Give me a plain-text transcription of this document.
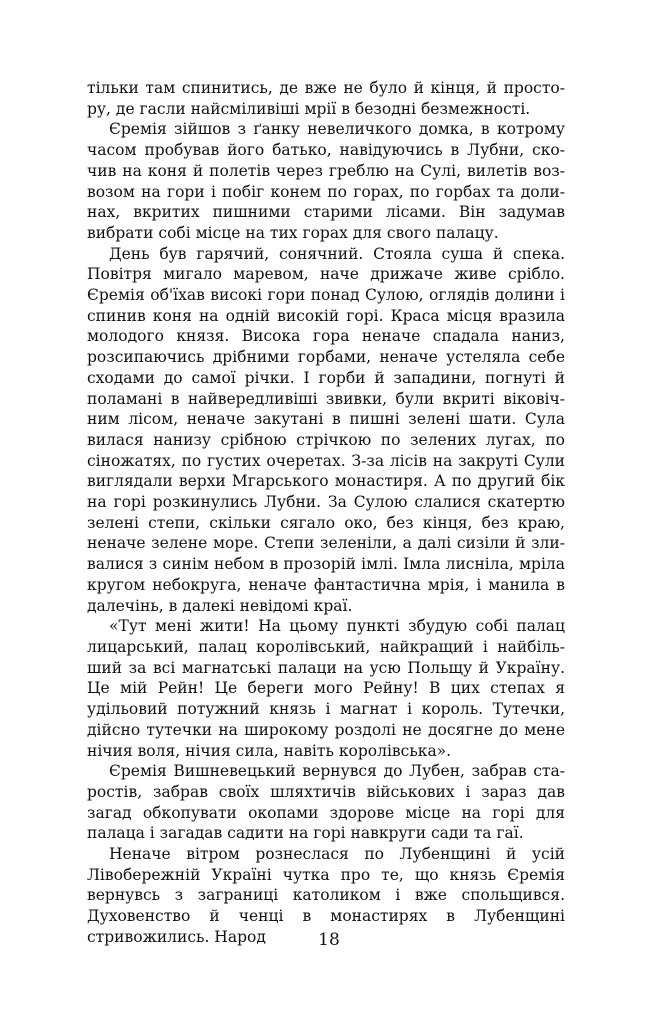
тільки там спинитись, де вже не було й кінця, й простору, де гасли найсміливіші мрії в безодні безмежності.

Єремія зійшов з ґанку невеличкого домка, в котрому часом пробував його батько, навідуючись в Лубни, скочив на коня й полетів через греблю на Сулі, вилетів возвозом на гори і побіг конем по горах, по горбах та долинах, вкритих пишними старими лісами. Він задумав вибрати собі місце на тих горах для свого палацу.

День був гарячий, сонячний. Стояла суша й спека. Повітря мигало маревом, наче дрижаче живе срібло. Єремія об'їхав високі гори понад Сулою, оглядів долини і спинив коня на одній високій горі. Краса місця вразила молодого князя. Висока гора неначе спадала наниз, розсипаючись дрібними горбами, неначе устеляла себе сходами до самої річки. І горби й западини, погнуті й поламані в найвередливіші звивки, були вкриті віковічним лісом, неначе закутані в пишні зелені шати. Сула вилася нанизу срібною стрічкою по зелених лугах, по сіножатях, по густих очеретах. З-за лісів на закруті Сули виглядали верхи Мгарського монастиря. А по другий бік на горі розкинулись Лубни. За Сулою слалися скатертю зелені степи, скільки сягало око, без кінця, без краю, неначе зелене море. Степи зеленіли, а далі сизіли й зливалися з синім небом в прозорій імлі. Імла лисніла, мріла кругом небокруга, неначе фантастична мрія, і манила в далечінь, в далекі невідомі краї.

«Тут мені жити! На цьому пункті збудую собі палац лицарський, палац королівський, найкращий і найбільший за всі магнатські палаци на усю Польщу й Україну. Це мій Рейн! Це береги мого Рейну! В цих степах я удільовий потужний князь і магнат і король. Тутечки, дійсно тутечки на широкому роздолі не досягне до мене нічия воля, нічия сила, навіть королівська».

Єремія Вишневецький вернувся до Лубен, забрав старостів, забрав своїх шляхтичів військових і зараз дав загад обкопувати окопами здорове місце на горі для палаца і загадав садити на горі навкруги сади та гаї.

Неначе вітром рознеслася по Лубенщині й усій Лівобережній Україні чутка про те, що князь Єремія вернувсь з заграниці католиком і вже спольщився. Духовенство й ченці в монастирях в Лубенщині стривожились. Народ	18
